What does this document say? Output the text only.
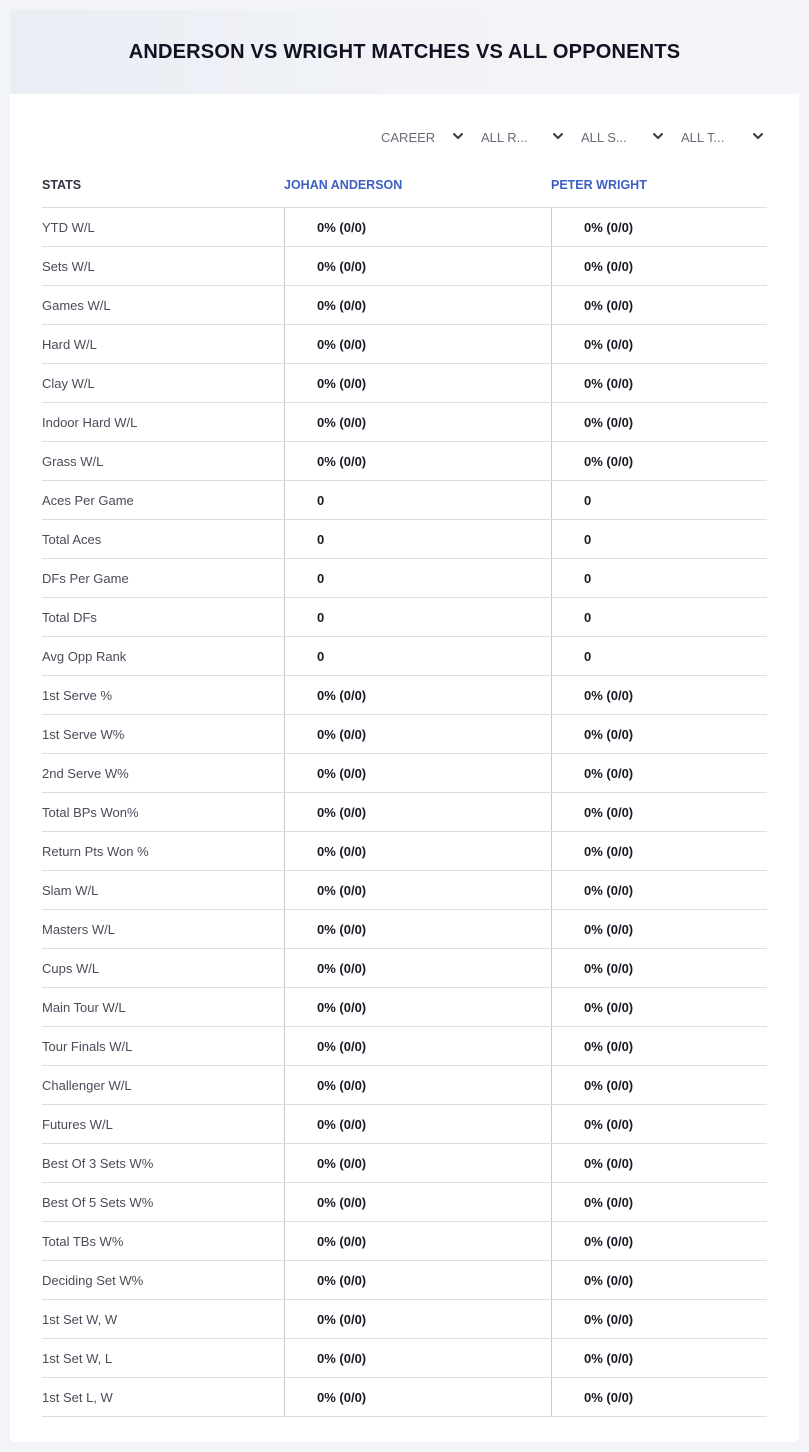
ANDERSON VS WRIGHT MATCHES VS ALL OPPONENTS
CAREER	ALL R...	ALL S...	ALL T...
STATS	JOHAN ANDERSON	PETER WRIGHT
YTD W/L	0% (0/0)	0% (0/0)
Sets W/L	0% (0/0)	0% (0/0)
Games W/L	0% (0/0)	0% (0/0)
Hard W/L	0% (0/0)	0% (0/0)
Clay W/L	0% (0/0)	0% (0/0)
Indoor Hard W/L	0% (0/0)	0% (0/0)
Grass W/L	0% (0/0)	0% (0/0)
Aces Per Game	0	0
Total Aces	0	0
DFs Per Game	0	0
Total DFs	0	0
Avg Opp Rank	0	0
1st Serve %	0% (0/0)	0% (0/0)
1st Serve W%	0% (0/0)	0% (0/0)
2nd Serve W%	0% (0/0)	0% (0/0)
Total BPs Won%	0% (0/0)	0% (0/0)
Return Pts Won %	0% (0/0)	0% (0/0)
Slam W/L	0% (0/0)	0% (0/0)
Masters W/L	0% (0/0)	0% (0/0)
Cups W/L	0% (0/0)	0% (0/0)
Main Tour W/L	0% (0/0)	0% (0/0)
Tour Finals W/L	0% (0/0)	0% (0/0)
Challenger W/L	0% (0/0)	0% (0/0)
Futures W/L	0% (0/0)	0% (0/0)
Best Of 3 Sets W%	0% (0/0)	0% (0/0)
Best Of 5 Sets W%	0% (0/0)	0% (0/0)
Total TBs W%	0% (0/0)	0% (0/0)
Deciding Set W%	0% (0/0)	0% (0/0)
1st Set W, W	0% (0/0)	0% (0/0)
1st Set W, L	0% (0/0)	0% (0/0)
1st Set L, W	0% (0/0)	0% (0/0)
